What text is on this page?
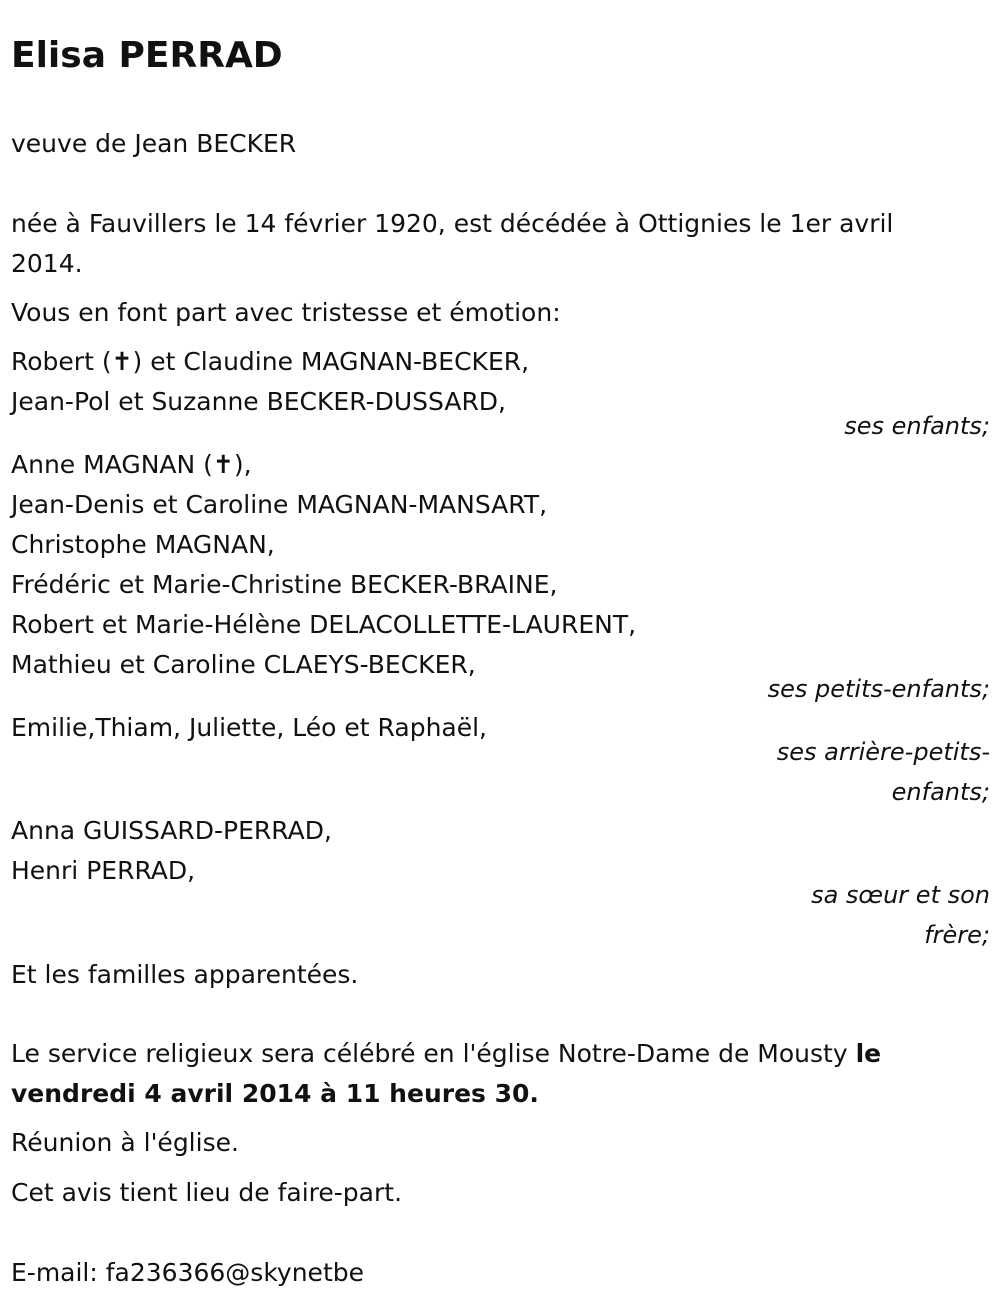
Elisa PERRAD
veuve de Jean BECKER
née à Fauvillers le 14 février 1920, est décédée à Ottignies le 1er avril
2014.
Vous en font part avec tristesse et émotion:
Robert (✝) et Claudine MAGNAN-BECKER,
Jean-Pol et Suzanne BECKER-DUSSARD,
ses enfants;
Anne MAGNAN (✝),
Jean-Denis et Caroline MAGNAN-MANSART,
Christophe MAGNAN,
Frédéric et Marie-Christine BECKER-BRAINE,
Robert et Marie-Hélène DELACOLLETTE-LAURENT,
Mathieu et Caroline CLAEYS-BECKER,
ses petits-enfants;
Emilie,Thiam, Juliette, Léo et Raphaël,
ses arrière-petits-
enfants;
Anna GUISSARD-PERRAD,
Henri PERRAD,
sa sœur et son
frère;
Et les familles apparentées.
Le service religieux sera célébré en l'église Notre-Dame de Mousty le
vendredi 4 avril 2014 à 11 heures 30.
Réunion à l'église.
Cet avis tient lieu de faire-part.
E-mail: fa236366@skynetbe
